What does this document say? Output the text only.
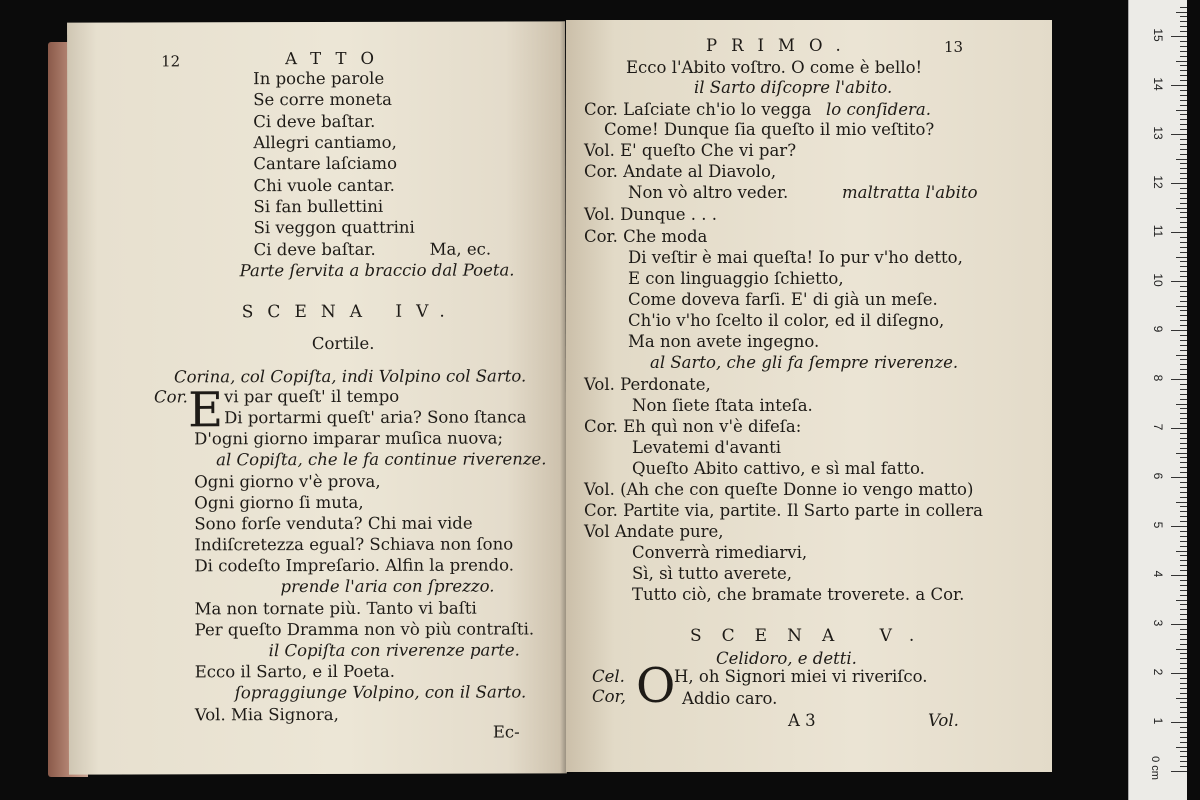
12	ATTO
In poche parole
Se corre moneta
Ci deve baſtar.
Allegri cantiamo,
Cantare laſciamo
Chi vuole cantar.
Si fan bullettini
Si veggon quattrini
Ci deve baſtar.	Ma, ec.
Parte ſervita a braccio dal Poeta.
SCENA IV.
Cortile.
Corina, col Copiſta, indi Volpino col Sarto.
Cor. E vi par queſt' il tempo
Di portarmi queſt' aria? Sono ſtanca
D'ogni giorno imparar muſica nuova;
al Copiſta, che le fa continue riverenze.
Ogni giorno v'è prova,
Ogni giorno ſi muta,
Sono forſe venduta? Chi mai vide
Indiſcretezza egual? Schiava non ſono
Di codeſto Impreſario. Alfin la prendo.
prende l'aria con ſprezzo.
Ma non tornate più. Tanto vi baſti
Per queſto Dramma non vò più contraſti.
il Copiſta con riverenze parte.
Ecco il Sarto, e il Poeta.
ſopraggiunge Volpino, con il Sarto.
Vol. Mia Signora,
Ec-
PRIMO.	13
Ecco l'Abito voſtro. O come è bello!
il Sarto diſcopre l'abito.
Cor. Laſciate ch'io lo vegga lo conſidera.
Come! Dunque ſia queſto il mio veſtito?
Vol. E' queſto Che vi par?
Cor. Andate al Diavolo,
Non vò altro veder.	maltratta l'abito
Vol. Dunque . . .
Cor. Che moda
Di veſtir è mai queſta! Io pur v'ho detto,
E con linguaggio ſchietto,
Come doveva farſi. E' di già un meſe.
Ch'io v'ho ſcelto il color, ed il diſegno,
Ma non avete ingegno.
al Sarto, che gli fa ſempre riverenze.
Vol. Perdonate,
Non ſiete ſtata inteſa.
Cor. Eh quì non v'è difeſa:
Levatemi d'avanti
Queſto Abito cattivo, e sì mal fatto.
Vol. (Ah che con queſte Donne io vengo matto)
Cor. Partite via, partite. Il Sarto parte in collera
Vol Andate pure,
Converrà rimediarvi,
Sì, sì tutto averete,
Tutto ciò, che bramate troverete. a Cor.
SCENA V.
Celidoro, e detti.
Cel.
Cor, O
H, oh Signori miei vi riveriſco.
Addio caro.
A 3	Vol.
0 cm
1
2
3
4
5
6
7
8
9
10
11
12
13
14
15
